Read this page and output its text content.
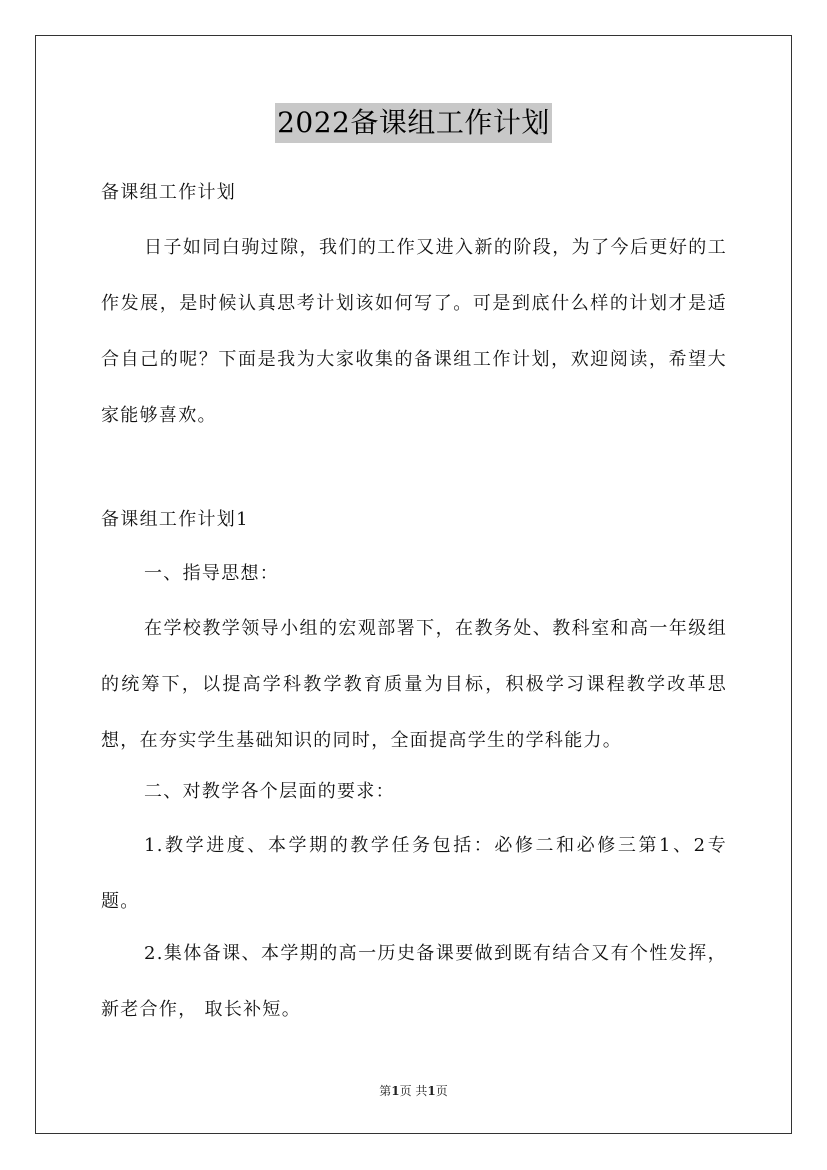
2022备课组工作计划

备课组工作计划

日子如同白驹过隙，我们的工作又进入新的阶段，为了今后更好的工作发展，是时候认真思考计划该如何写了。可是到底什么样的计划才是适合自己的呢？下面是我为大家收集的备课组工作计划，欢迎阅读，希望大家能够喜欢。

备课组工作计划1

一、指导思想：

在学校教学领导小组的宏观部署下，在教务处、教科室和高一年级组的统筹下，以提高学科教学教育质量为目标，积极学习课程教学改革思想，在夯实学生基础知识的同时，全面提高学生的学科能力。

二、对教学各个层面的要求：

1.教学进度、本学期的教学任务包括：必修二和必修三第1、2专题。

2.集体备课、本学期的高一历史备课要做到既有结合又有个性发挥，新老合作， 取长补短。

第1页 共1页
